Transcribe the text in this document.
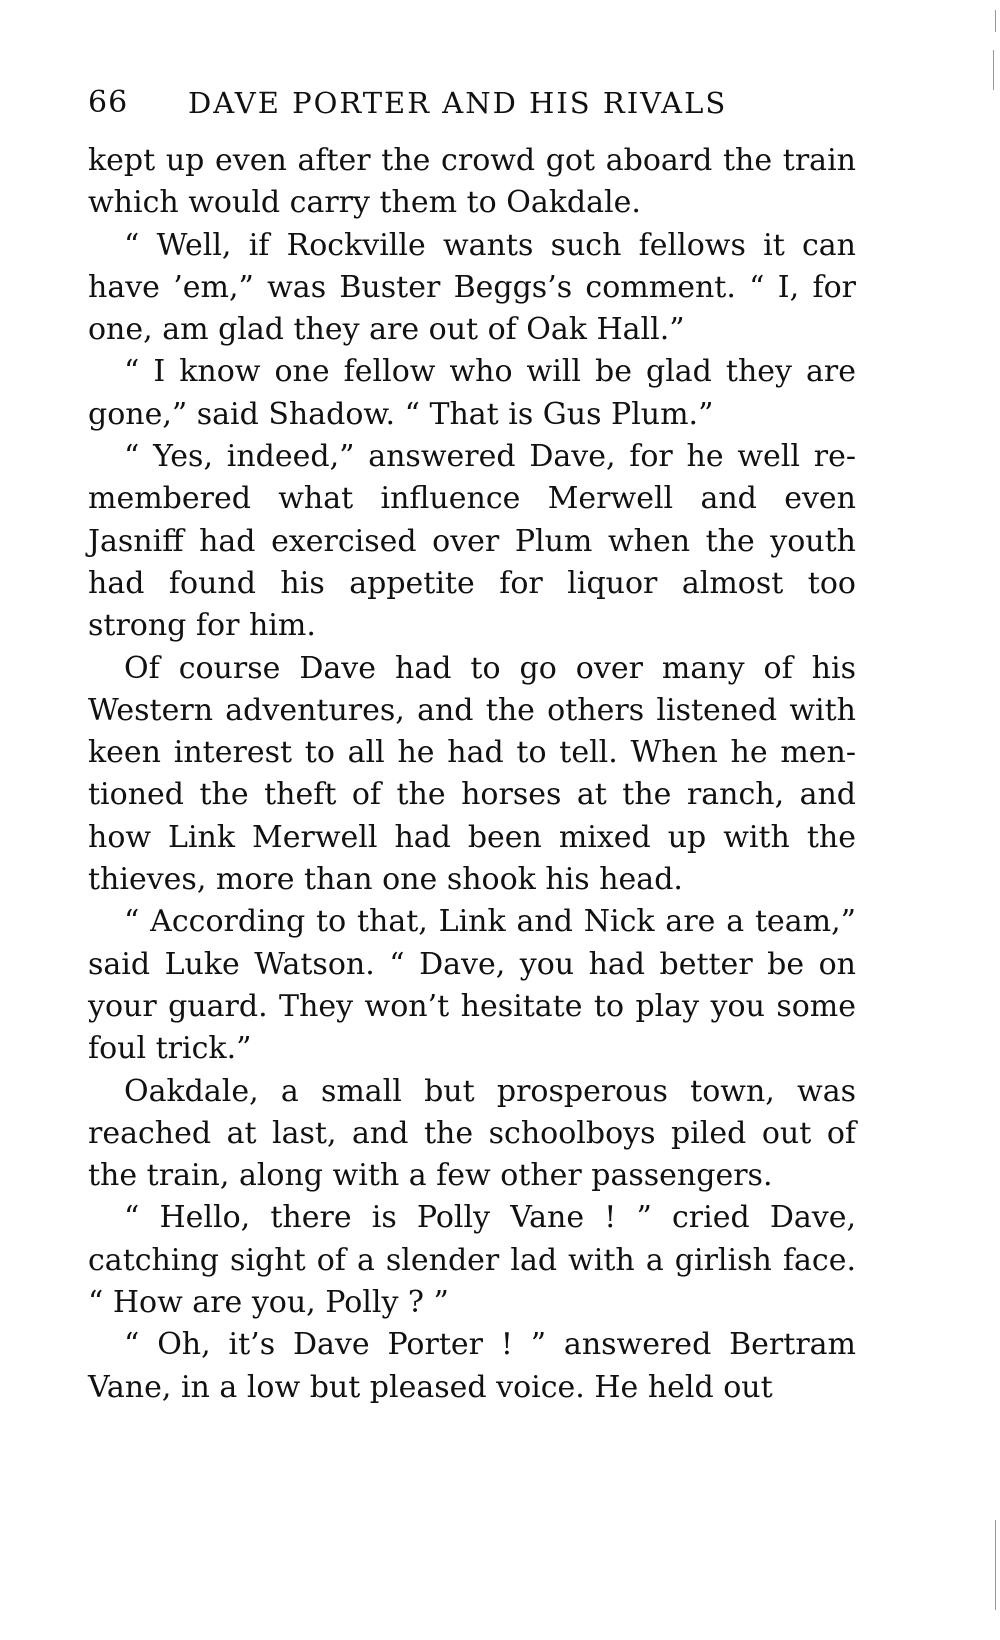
66 DAVE PORTER AND HIS RIVALS

kept up even after the crowd got aboard the train which would carry them to Oakdale.

“ Well, if Rockville wants such fellows it can have ’em,” was Buster Beggs’s comment. “ I, for one, am glad they are out of Oak Hall.”

“ I know one fellow who will be glad they are gone,” said Shadow. “ That is Gus Plum.”

“ Yes, indeed,” answered Dave, for he well re-membered what influence Merwell and even Jasniff had exercised over Plum when the youth had found his appetite for liquor almost too strong for him.

Of course Dave had to go over many of his Western adventures, and the others listened with keen interest to all he had to tell. When he men-tioned the theft of the horses at the ranch, and how Link Merwell had been mixed up with the thieves, more than one shook his head.

“ According to that, Link and Nick are a team,” said Luke Watson. “ Dave, you had better be on your guard. They won’t hesitate to play you some foul trick.”

Oakdale, a small but prosperous town, was reached at last, and the schoolboys piled out of the train, along with a few other passengers.

“ Hello, there is Polly Vane ! ” cried Dave, catching sight of a slender lad with a girlish face. “ How are you, Polly ? ”

“ Oh, it’s Dave Porter ! ” answered Bertram Vane, in a low but pleased voice. He held out
